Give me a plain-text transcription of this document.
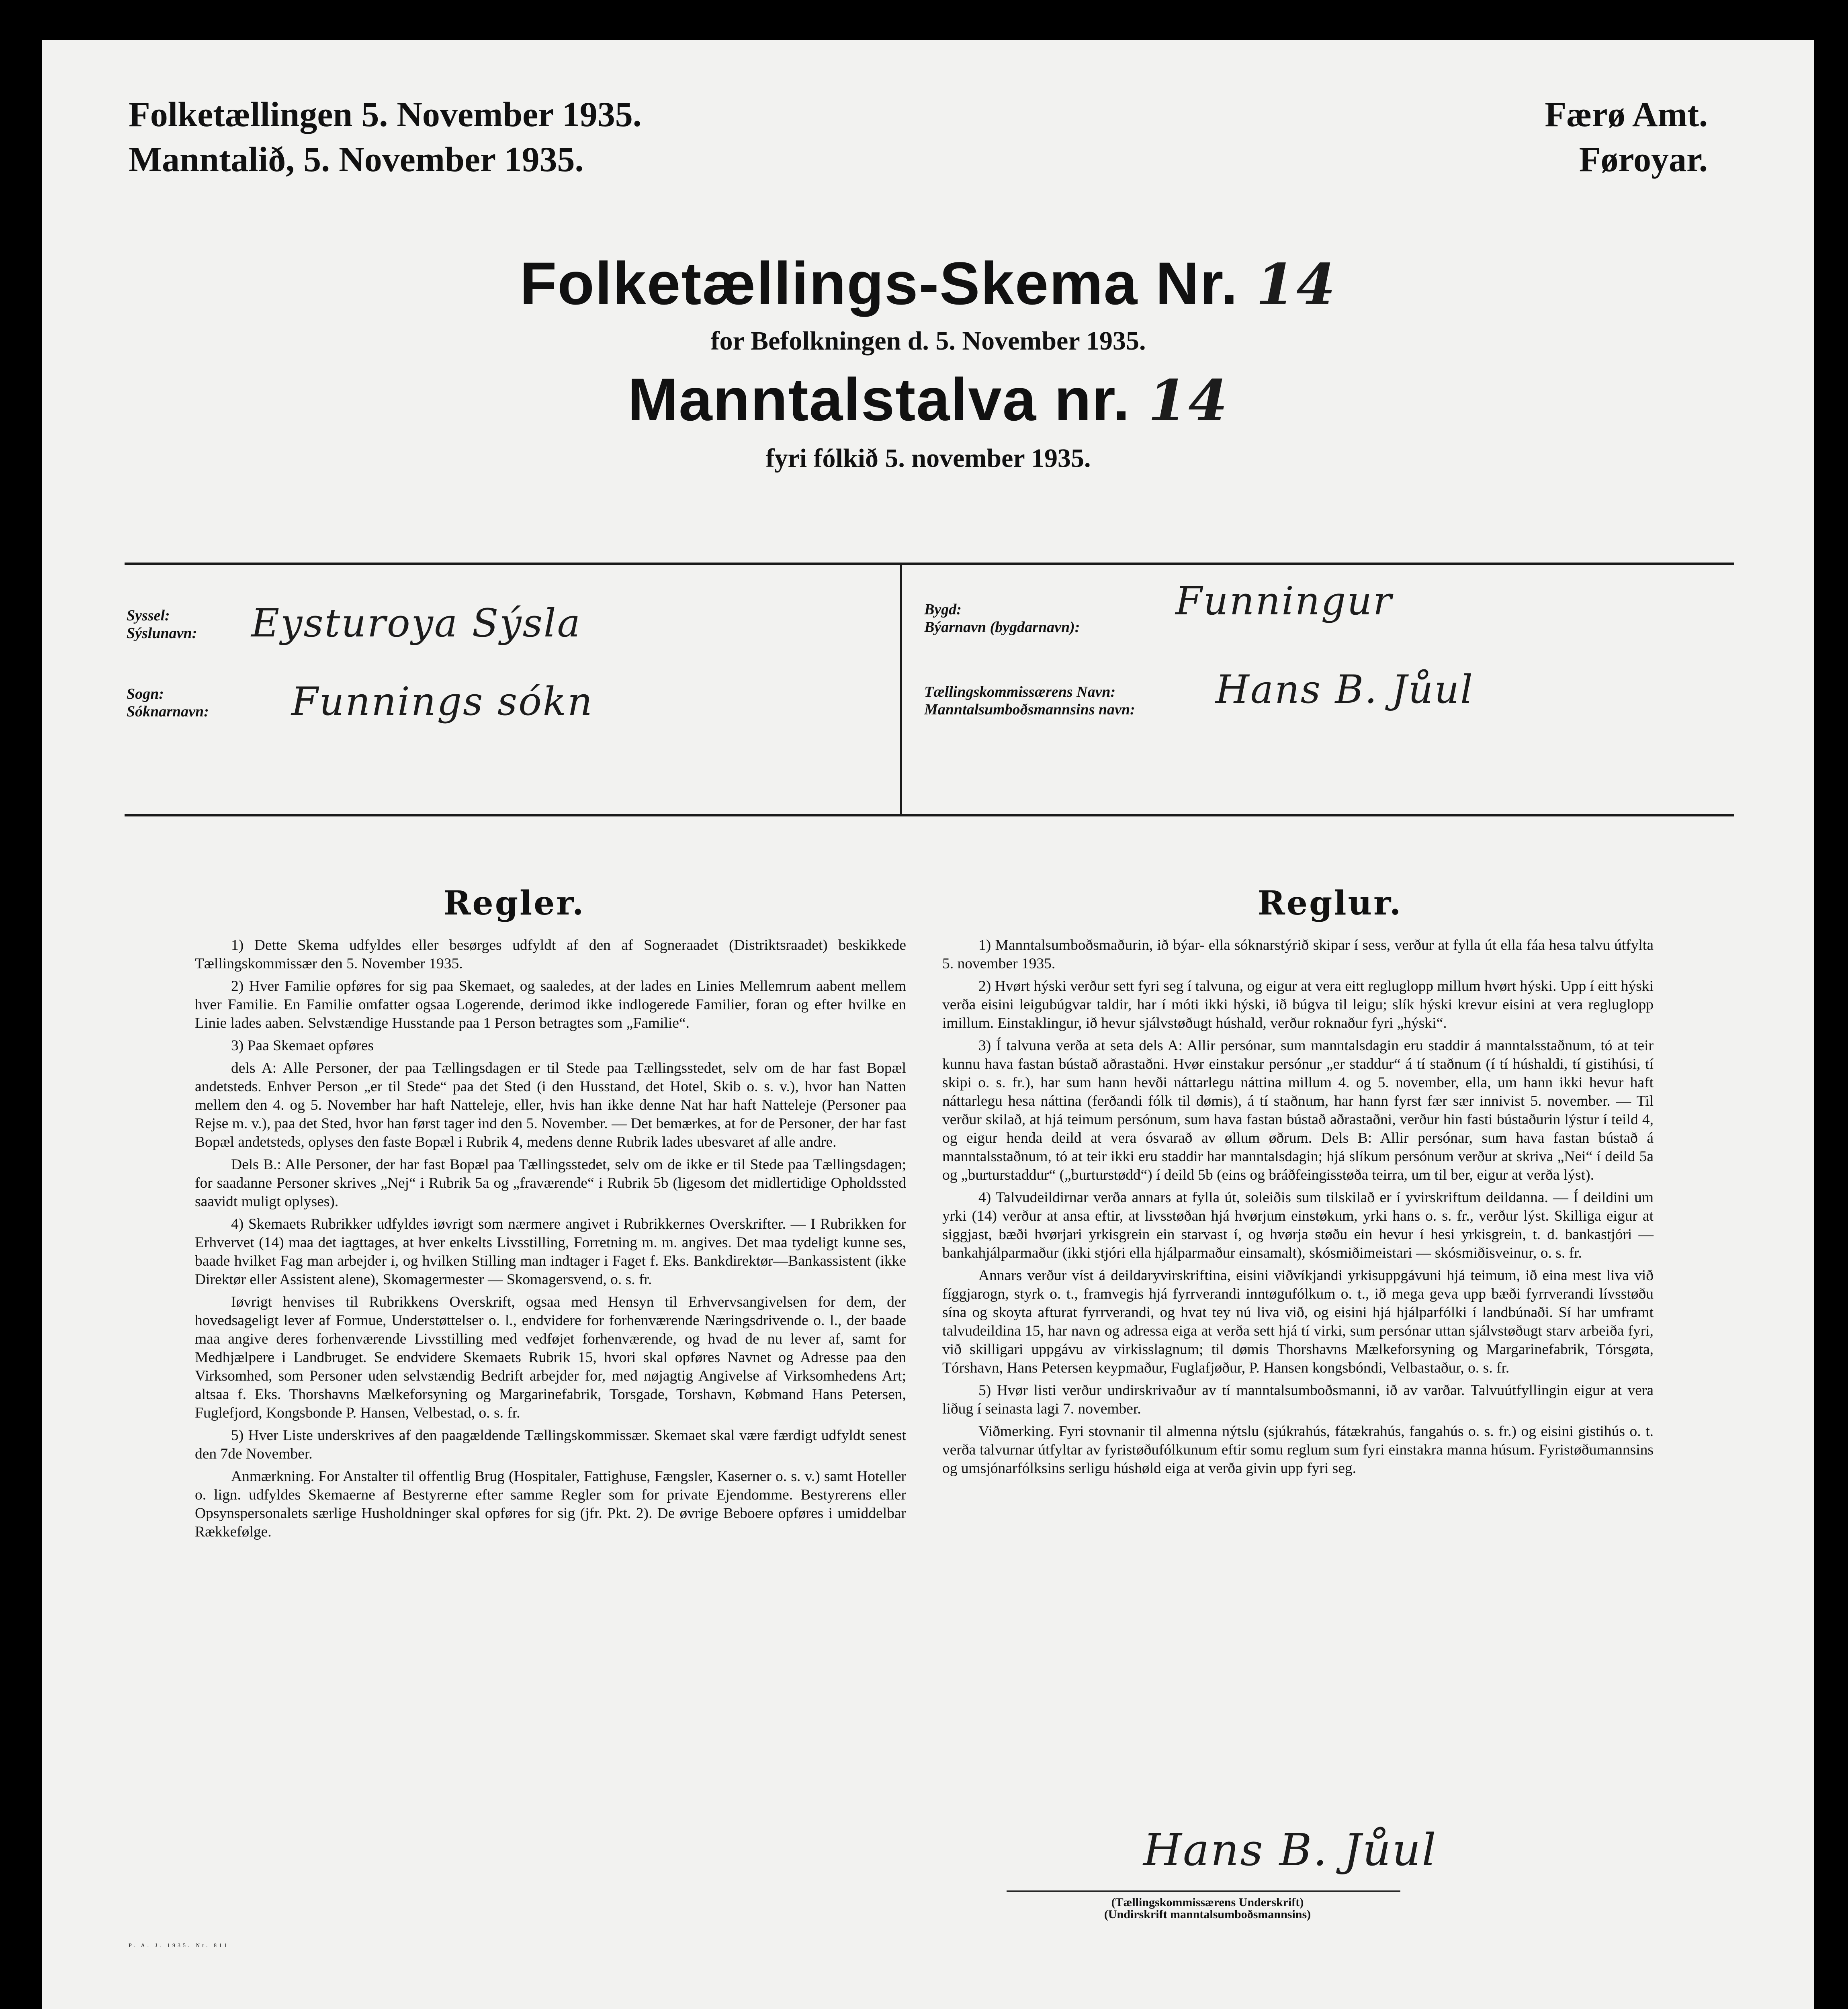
Folketællingen 5. November 1935.
Manntalið, 5. November 1935.
Færø Amt.
Føroyar.
Folketællings-Skema Nr. 14
for Befolkningen d. 5. November 1935.
Manntalstalva nr. 14
fyri fólkið 5. november 1935.
Syssel:
Sýslunavn: Eysturoya Sýsla
Sogn:
Sóknarnavn: Funnings sókn
Bygd:
Býarnavn (bygdarnavn):
Funningur
Tællingskommissærens Navn:
Manntalsumboðsmannsins navn: Hans B. Jůul
Regler.	Reglur.

1) Dette Skema udfyldes eller besørges udfyldt af den af Sogneraadet (Distriktsraadet) beskikkede Tællingskommissær den 5. November 1935.

2) Hver Familie opføres for sig paa Skemaet, og saaledes, at der lades en Linies Mellemrum aabent mellem hver Familie. En Familie omfatter ogsaa Logerende, derimod ikke indlogerede Familier, foran og efter hvilke en Linie lades aaben. Selvstændige Husstande paa 1 Person betragtes som „Familie“.

3) Paa Skemaet opføres

dels A: Alle Personer, der paa Tællingsdagen er til Stede paa Tællingsstedet, selv om de har fast Bopæl andetsteds. Enhver Person „er til Stede“ paa det Sted (i den Husstand, det Hotel, Skib o. s. v.), hvor han Natten mellem den 4. og 5. November har haft Natteleje, eller, hvis han ikke denne Nat har haft Natteleje (Personer paa Rejse m. v.), paa det Sted, hvor han først tager ind den 5. November. — Det bemærkes, at for de Personer, der har fast Bopæl andetsteds, oplyses den faste Bopæl i Rubrik 4, medens denne Rubrik lades ubesvaret af alle andre.

Dels B.: Alle Personer, der har fast Bopæl paa Tællingsstedet, selv om de ikke er til Stede paa Tællingsdagen; for saadanne Personer skrives „Nej“ i Rubrik 5a og „fraværende“ i Rubrik 5b (ligesom det midlertidige Opholdssted saavidt muligt oplyses).

4) Skemaets Rubrikker udfyldes iøvrigt som nærmere angivet i Rubrikkernes Overskrifter. — I Rubrikken for Erhvervet (14) maa det iagttages, at hver enkelts Livsstilling, Forretning m. m. angives. Det maa tydeligt kunne ses, baade hvilket Fag man arbejder i, og hvilken Stilling man indtager i Faget f. Eks. Bankdirektør—Bankassistent (ikke Direktør eller Assistent alene), Skomagermester — Skomagersvend, o. s. fr.

Iøvrigt henvises til Rubrikkens Overskrift, ogsaa med Hensyn til Erhvervsangivelsen for dem, der hovedsageligt lever af Formue, Understøttelser o. l., endvidere for forhenværende Næringsdrivende o. l., der baade maa angive deres forhenværende Livsstilling med vedføjet forhenværende, og hvad de nu lever af, samt for Medhjælpere i Landbruget. Se endvidere Skemaets Rubrik 15, hvori skal opføres Navnet og Adresse paa den Virksomhed, som Personer uden selvstændig Bedrift arbejder for, med nøjagtig Angivelse af Virksomhedens Art; altsaa f. Eks. Thorshavns Mælkeforsyning og Margarinefabrik, Torsgade, Torshavn, Købmand Hans Petersen, Fuglefjord, Kongsbonde P. Hansen, Velbestad, o. s. fr.

5) Hver Liste underskrives af den paagældende Tællingskommissær. Skemaet skal være færdigt udfyldt senest den 7de November.

Anmærkning. For Anstalter til offentlig Brug (Hospitaler, Fattighuse, Fængsler, Kaserner o. s. v.) samt Hoteller o. lign. udfyldes Skemaerne af Bestyrerne efter samme Regler som for private Ejendomme. Bestyrerens eller Opsynspersonalets særlige Husholdninger skal opføres for sig (jfr. Pkt. 2). De øvrige Beboere opføres i umiddelbar Rækkefølge.

1) Manntalsumboðsmaðurin, ið býar- ella sóknarstýrið skipar í sess, verður at fylla út ella fáa hesa talvu útfylta 5. november 1935.

2) Hvørt hýski verður sett fyri seg í talvuna, og eigur at vera eitt regluglopp millum hvørt hýski. Upp í eitt hýski verða eisini leigubúgvar taldir, har í móti ikki hýski, ið búgva til leigu; slík hýski krevur eisini at vera regluglopp imillum. Einstaklingur, ið hevur sjálvstøðugt húshald, verður roknaður fyri „hýski“.

3) Í talvuna verða at seta dels A: Allir persónar, sum manntalsdagin eru staddir á manntalsstaðnum, tó at teir kunnu hava fastan bústað aðrastaðni. Hvør einstakur persónur „er staddur“ á tí staðnum (í tí húshaldi, tí gistihúsi, tí skipi o. s. fr.), har sum hann hevði náttarlegu náttina millum 4. og 5. november, ella, um hann ikki hevur haft náttarlegu hesa náttina (ferðandi fólk til dømis), á tí staðnum, har hann fyrst fær sær innivist 5. november. — Til verður skilað, at hjá teimum persónum, sum hava fastan bústað aðrastaðni, verður hin fasti bústaðurin lýstur í teild 4, og eigur henda deild at vera ósvarað av øllum øðrum. Dels B: Allir persónar, sum hava fastan bústað á manntalsstaðnum, tó at teir ikki eru staddir har manntalsdagin; hjá slíkum persónum verður at skriva „Nei“ í deild 5a og „burturstaddur“ („burturstødd“) í deild 5b (eins og bráðfeingisstøða teirra, um til ber, eigur at verða lýst).

4) Talvudeildirnar verða annars at fylla út, soleiðis sum tilskilað er í yvirskriftum deildanna. — Í deildini um yrki (14) verður at ansa eftir, at livsstøðan hjá hvørjum einstøkum, yrki hans o. s. fr., verður lýst. Skilliga eigur at siggjast, bæði hvørjari yrkisgrein ein starvast í, og hvørja støðu ein hevur í hesi yrkisgrein, t. d. bankastjóri — bankahjálparmaður (ikki stjóri ella hjálparmaður einsamalt), skósmiðimeistari — skósmiðisveinur, o. s. fr.

Annars verður víst á deildaryvirskriftina, eisini viðvíkjandi yrkisuppgávuni hjá teimum, ið eina mest liva við fíggjarogn, styrk o. t., framvegis hjá fyrrverandi inntøgufólkum o. t., ið mega geva upp bæði fyrrverandi lívsstøðu sína og skoyta afturat fyrrverandi, og hvat tey nú liva við, og eisini hjá hjálparfólki í landbúnaði. Sí har umframt talvudeildina 15, har navn og adressa eiga at verða sett hjá tí virki, sum persónar uttan sjálvstøðugt starv arbeiða fyri, við skilligari uppgávu av virkisslagnum; til dømis Thorshavns Mælkeforsyning og Margarinefabrik, Tórsgøta, Tórshavn, Hans Petersen keypmaður, Fuglafjøður, P. Hansen kongsbóndi, Velbastaður, o. s. fr.

5) Hvør listi verður undirskrivaður av tí manntalsumboðsmanni, ið av varðar. Talvuútfyllingin eigur at vera liðug í seinasta lagi 7. november.

Viðmerking. Fyri stovnanir til almenna nýtslu (sjúkrahús, fátækrahús, fangahús o. s. fr.) og eisini gistihús o. t. verða talvurnar útfyltar av fyristøðufólkunum eftir somu reglum sum fyri einstakra manna húsum. Fyristøðumannsins og umsjónarfólksins serligu húshøld eiga at verða givin upp fyri seg.

Hans B. Jůul
(Tællingskommissærens Underskrift)
(Undirskrift manntalsumboðsmannsins)
P. A. J. 1935. Nr. 811
